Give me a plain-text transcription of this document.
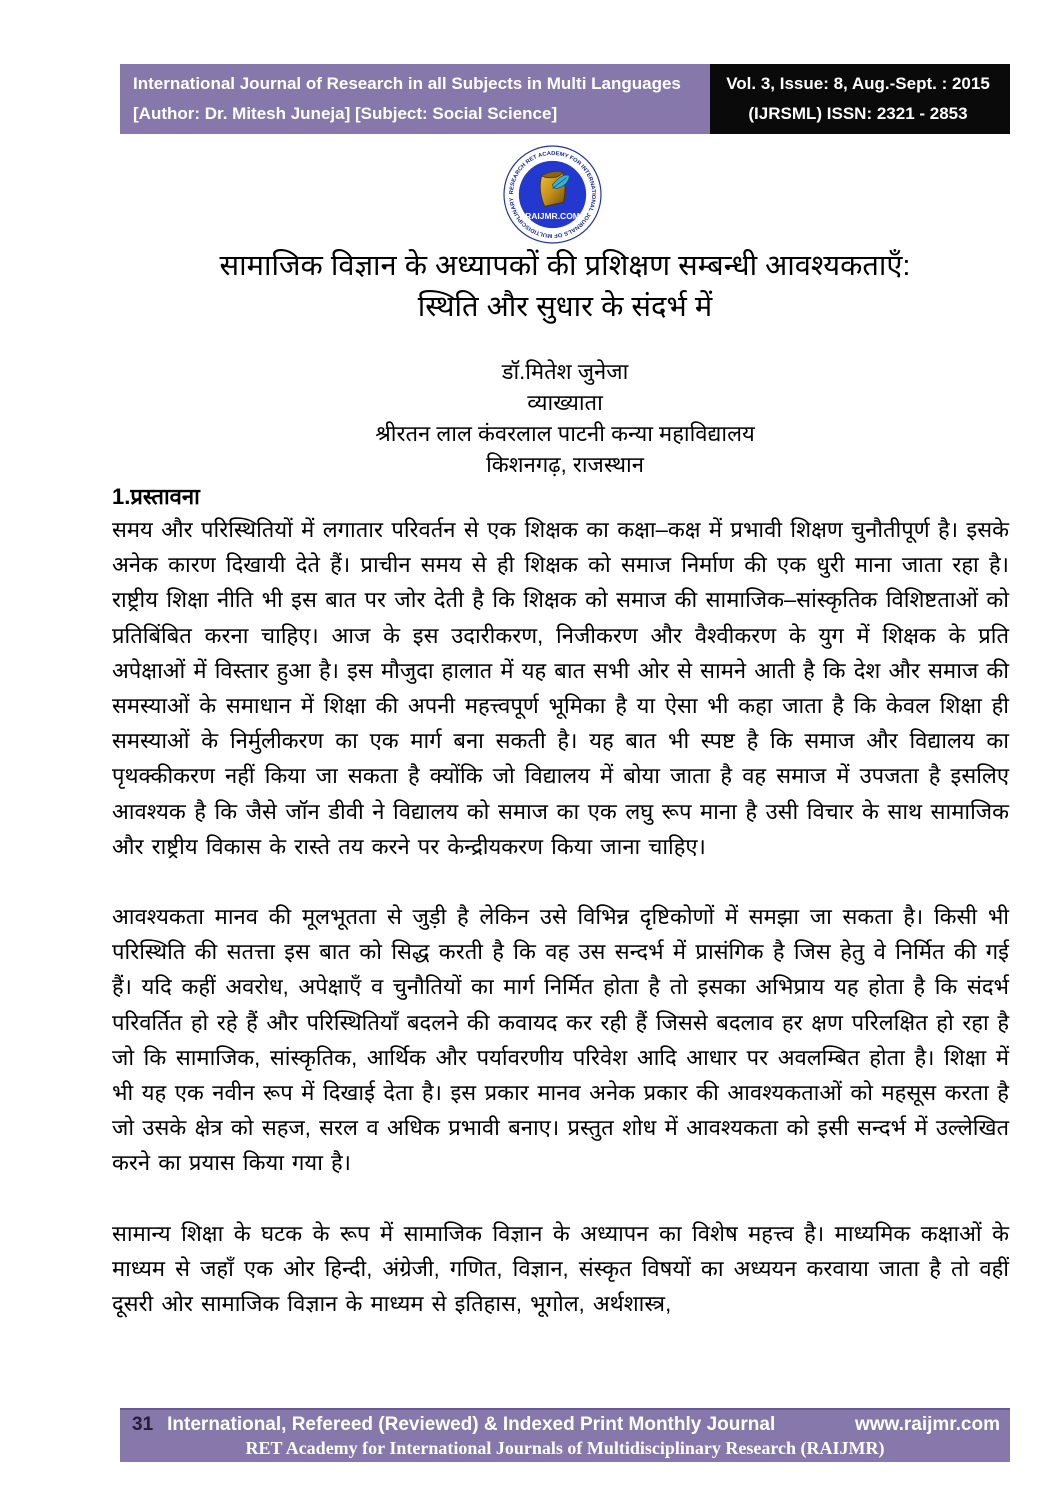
International Journal of Research in all Subjects in Multi Languages
[Author: Dr. Mitesh Juneja] [Subject: Social Science]
Vol. 3, Issue: 8, Aug.-Sept. : 2015
(IJRSML) ISSN: 2321 - 2853
RESEARCH RET ACADEMY FOR INTERNATIONAL JOURNALS OF MULTIDISCIPLINARY
RAIJMR.COM
सामाजिक विज्ञान के अध्यापकों की प्रशिक्षण सम्बन्धी आवश्यकताएँ:
स्थिति और सुधार के संदर्भ में
डॉ.मितेश जुनेजा
व्याख्याता
श्रीरतन लाल कंवरलाल पाटनी कन्या महाविद्यालय
किशनगढ़, राजस्थान
1.प्रस्तावना

समय और परिस्थितियों में लगातार परिवर्तन से एक शिक्षक का कक्षा–कक्ष में प्रभावी शिक्षण चुनौतीपूर्ण है। इसके अनेक कारण दिखायी देते हैं। प्राचीन समय से ही शिक्षक को समाज निर्माण की एक धुरी माना जाता रहा है। राष्ट्रीय शिक्षा नीति भी इस बात पर जोर देती है कि शिक्षक को समाज की सामाजिक–सांस्कृतिक विशिष्टताओं को प्रतिबिंबित करना चाहिए। आज के इस उदारीकरण, निजीकरण और वैश्वीकरण के युग में शिक्षक के प्रति अपेक्षाओं में विस्तार हुआ है। इस मौजुदा हालात में यह बात सभी ओर से सामने आती है कि देश और समाज की समस्याओं के समाधान में शिक्षा की अपनी महत्त्वपूर्ण भूमिका है या ऐसा भी कहा जाता है कि केवल शिक्षा ही समस्याओं के निर्मुलीकरण का एक मार्ग बना सकती है। यह बात भी स्पष्ट है कि समाज और विद्यालय का पृथक्कीकरण नहीं किया जा सकता है क्योंकि जो विद्यालय में बोया जाता है वह समाज में उपजता है इसलिए आवश्यक है कि जैसे जॉन डीवी ने विद्यालय को समाज का एक लघु रूप माना है उसी विचार के साथ सामाजिक और राष्ट्रीय विकास के रास्ते तय करने पर केन्द्रीयकरण किया जाना चाहिए।

आवश्यकता मानव की मूलभूतता से जुड़ी है लेकिन उसे विभिन्न दृष्टिकोणों में समझा जा सकता है। किसी भी परिस्थिति की सतत्ता इस बात को सिद्ध करती है कि वह उस सन्दर्भ में प्रासंगिक है जिस हेतु वे निर्मित की गई हैं। यदि कहीं अवरोध, अपेक्षाएँ व चुनौतियों का मार्ग निर्मित होता है तो इसका अभिप्राय यह होता है कि संदर्भ परिवर्तित हो रहे हैं और परिस्थितियाँ बदलने की कवायद कर रही हैं जिससे बदलाव हर क्षण परिलक्षित हो रहा है जो कि सामाजिक, सांस्कृतिक, आर्थिक और पर्यावरणीय परिवेश आदि आधार पर अवलम्बित होता है। शिक्षा में भी यह एक नवीन रूप में दिखाई देता है। इस प्रकार मानव अनेक प्रकार की आवश्यकताओं को महसूस करता है जो उसके क्षेत्र को सहज, सरल व अधिक प्रभावी बनाए। प्रस्तुत शोध में आवश्यकता को इसी सन्दर्भ में उल्लेखित करने का प्रयास किया गया है।

सामान्य शिक्षा के घटक के रूप में सामाजिक विज्ञान के अध्यापन का विशेष महत्त्व है। माध्यमिक कक्षाओं के माध्यम से जहाँ एक ओर हिन्दी, अंग्रेजी, गणित, विज्ञान, संस्कृत विषयों का अध्ययन करवाया जाता है तो वहीं दूसरी ओर सामाजिक विज्ञान के माध्यम से इतिहास, भूगोल, अर्थशास्त्र,

31 International, Refereed (Reviewed) & Indexed Print Monthly Journal	www.raijmr.com
RET Academy for International Journals of Multidisciplinary Research (RAIJMR)
